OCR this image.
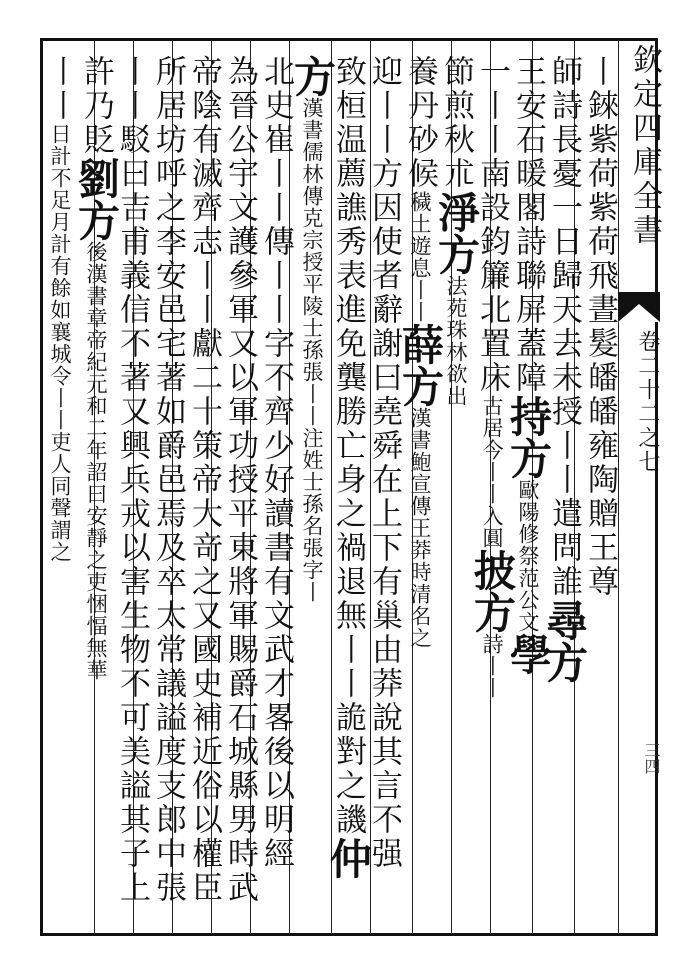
欽定四庫全書
卷二十二之七
三四
丨錸紫荷紫荷飛晝髮皤皤雍陶贈王尊
師詩長憂一日歸天去未授丨丨遣問誰尋方
王安石暖閣詩聯屏蓋障持方歐陽修祭范公文學
一丨丨南設鈞簾北置床古居今丨丨入圓披方詩丨丨
節煎秋朮淨方法苑珠林欲出
養丹砂候穢土遊息丨丨薛方漢書鮑宣傳王莽時清名之
迎丨丨方因使者辭謝曰堯舜在上下有巢由莽說其言不强
致桓温薦譙秀表進免龔勝亡身之禍退無丨丨詭對之譏仲
方漢書儒林傳克宗授平陵士孫張丨丨注姓士孫名張字丨
北史崔丨丨傳丨丨字不齊少好讀書有文武才畧後以明經
為晉公宇文護參軍又以軍功授平東將軍賜爵石城縣男時武
帝陰有滅齊志丨丨獻二十策帝大竒之又國史補近俗以權臣
所居坊呼之李安邑宅著如爵邑焉及卒太常議謚度支郎中張
丨丨駁曰吉甫義信不著又興兵戎以害生物不可美謚其子上
許乃貶劉方後漢書章帝紀元和二年詔曰安靜之吏悃愊無華
丨丨日計不足月計有餘如襄城令丨丨吏人同聲謂之
